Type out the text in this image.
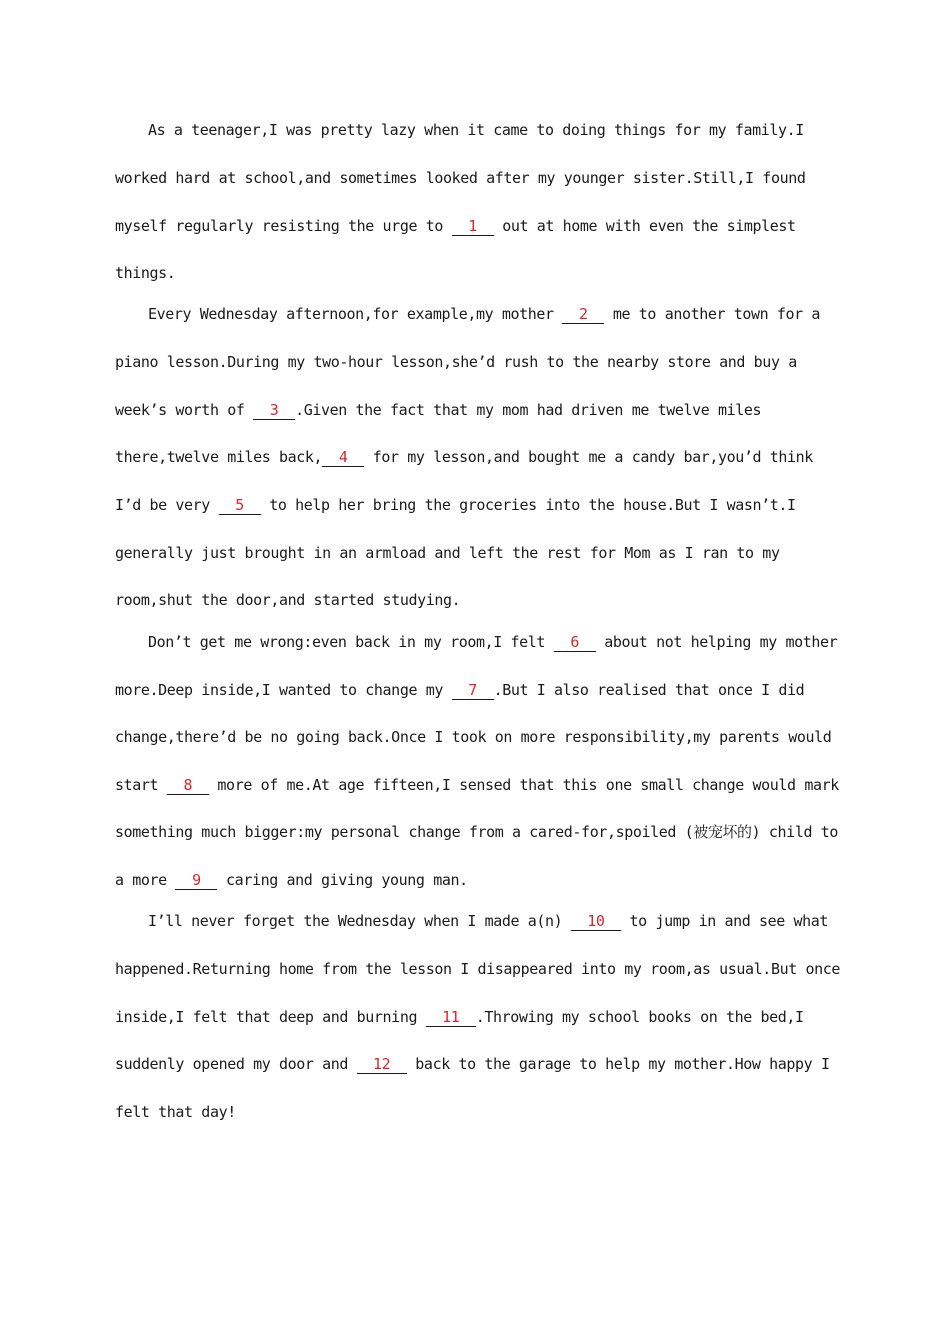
As a teenager,I was pretty lazy when it came to doing things for my family.I
worked hard at school,and sometimes looked after my younger sister.Still,I found
myself regularly resisting the urge to 1 out at home with even the simplest
things.
Every Wednesday afternoon,for example,my mother 2 me to another town for a
piano lesson.During my two-hour lesson,she’d rush to the nearby store and buy a
week’s worth of 3 .Given the fact that my mom had driven me twelve miles
there,twelve miles back, 4 for my lesson,and bought me a candy bar,you’d think
I’d be very 5 to help her bring the groceries into the house.But I wasn’t.I
generally just brought in an armload and left the rest for Mom as I ran to my
room,shut the door,and started studying.
Don’t get me wrong:even back in my room,I felt 6 about not helping my mother
more.Deep inside,I wanted to change my 7 .But I also realised that once I did
change,there’d be no going back.Once I took on more responsibility,my parents would
start 8 more of me.At age fifteen,I sensed that this one small change would mark
something much bigger:my personal change from a cared-for,spoiled (被宠坏的) child to
a more 9 caring and giving young man.
I’ll never forget the Wednesday when I made a(n) 10 to jump in and see what
happened.Returning home from the lesson I disappeared into my room,as usual.But once
inside,I felt that deep and burning 11 .Throwing my school books on the bed,I
suddenly opened my door and 12 back to the garage to help my mother.How happy I
felt that day!
